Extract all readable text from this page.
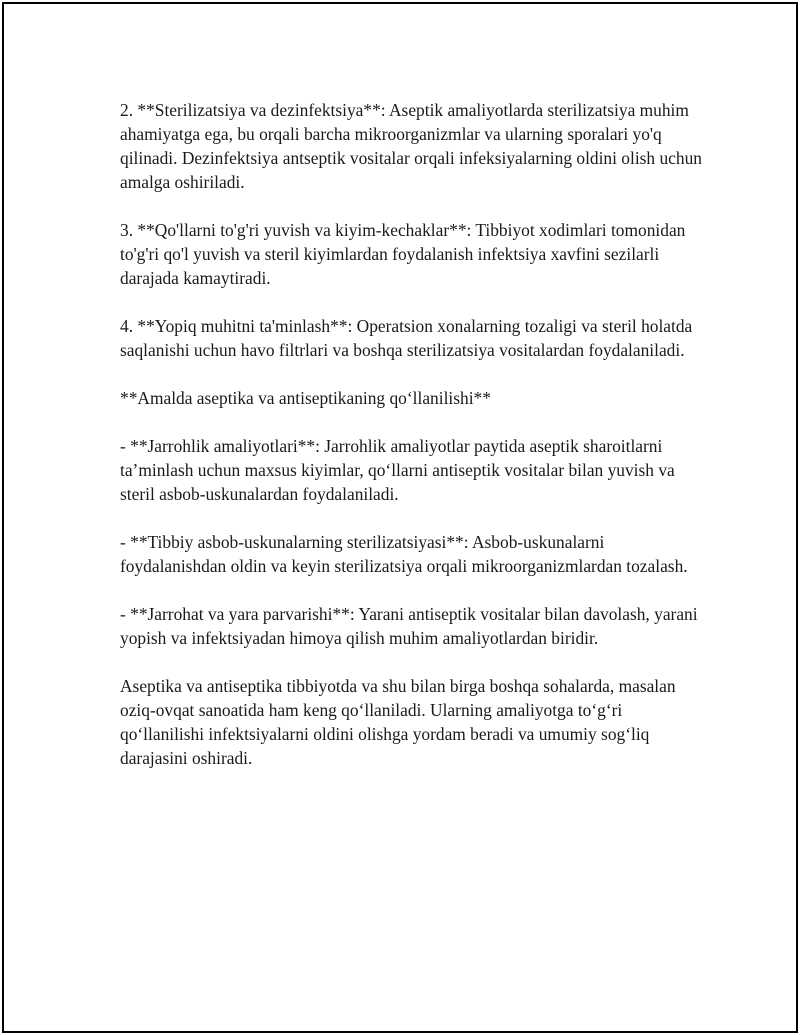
2. **Sterilizatsiya va dezinfektsiya**: Aseptik amaliyotlarda sterilizatsiya muhim ahamiyatga ega, bu orqali barcha mikroorganizmlar va ularning sporalari yo'q qilinadi. Dezinfektsiya antseptik vositalar orqali infeksiyalarning oldini olish uchun amalga oshiriladi.

3. **Qo'llarni to'g'ri yuvish va kiyim-kechaklar**: Tibbiyot xodimlari tomonidan to'g'ri qo'l yuvish va steril kiyimlardan foydalanish infektsiya xavfini sezilarli darajada kamaytiradi.

4. **Yopiq muhitni ta'minlash**: Operatsion xonalarning tozaligi va steril holatda saqlanishi uchun havo filtrlari va boshqa sterilizatsiya vositalardan foydalaniladi.

**Amalda aseptika va antiseptikaning qo‘llanilishi**

- **Jarrohlik amaliyotlari**: Jarrohlik amaliyotlar paytida aseptik sharoitlarni ta’minlash uchun maxsus kiyimlar, qo‘llarni antiseptik vositalar bilan yuvish va steril asbob-uskunalardan foydalaniladi.

- **Tibbiy asbob-uskunalarning sterilizatsiyasi**: Asbob-uskunalarni foydalanishdan oldin va keyin sterilizatsiya orqali mikroorganizmlardan tozalash.

- **Jarrohat va yara parvarishi**: Yarani antiseptik vositalar bilan davolash, yarani yopish va infektsiyadan himoya qilish muhim amaliyotlardan biridir.

Aseptika va antiseptika tibbiyotda va shu bilan birga boshqa sohalarda, masalan oziq-ovqat sanoatida ham keng qo‘llaniladi. Ularning amaliyotga to‘g‘ri qo‘llanilishi infektsiyalarni oldini olishga yordam beradi va umumiy sog‘liq darajasini oshiradi.
